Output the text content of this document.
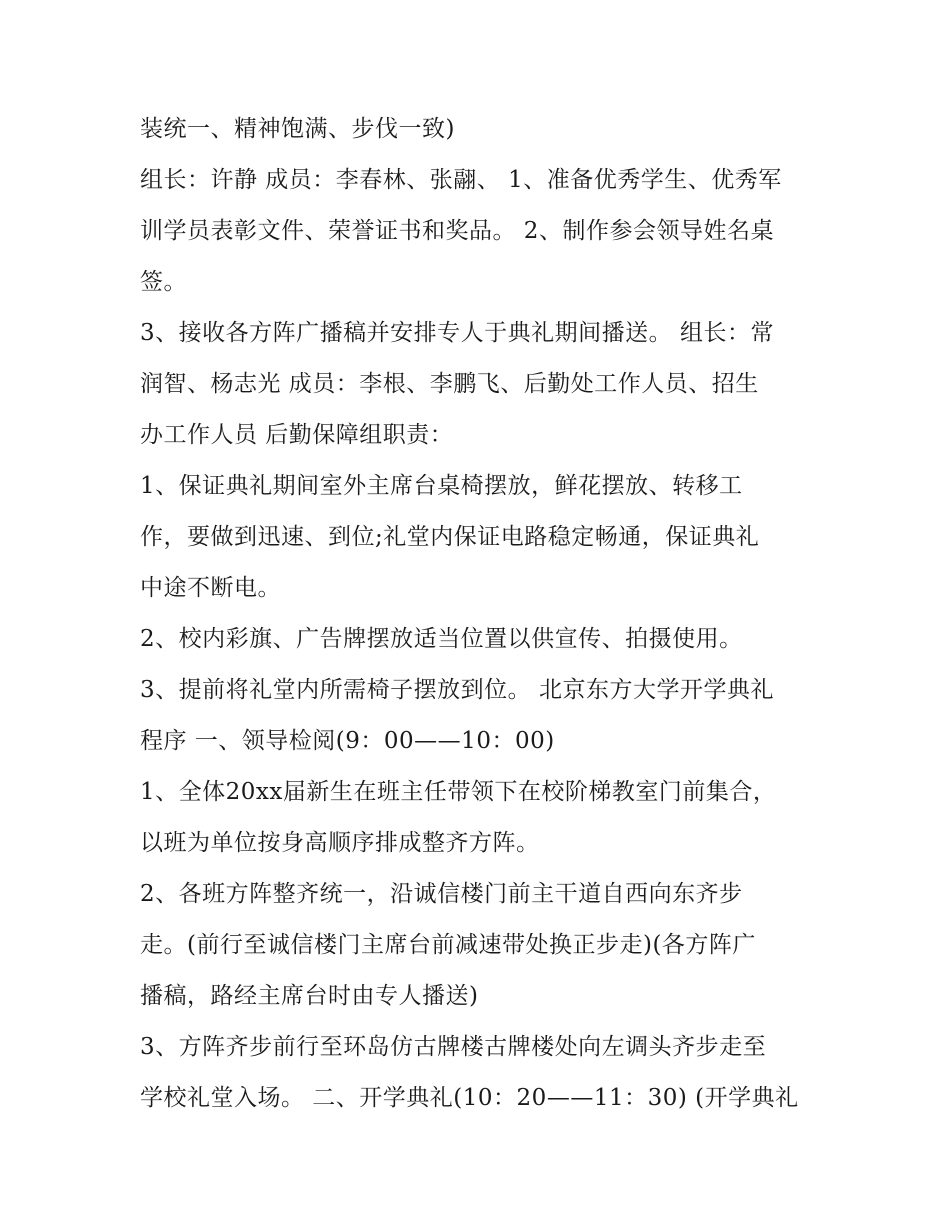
装统一、精神饱满、步伐一致)
组长：许静 成员：李春林、张翮、 1、准备优秀学生、优秀军
训学员表彰文件、荣誉证书和奖品。 2、制作参会领导姓名桌
签。
3、接收各方阵广播稿并安排专人于典礼期间播送。 组长：常
润智、杨志光 成员：李根、李鹏飞、后勤处工作人员、招生
办工作人员 后勤保障组职责：
1、保证典礼期间室外主席台桌椅摆放，鲜花摆放、转移工
作，要做到迅速、到位;礼堂内保证电路稳定畅通，保证典礼
中途不断电。
2、校内彩旗、广告牌摆放适当位置以供宣传、拍摄使用。
3、提前将礼堂内所需椅子摆放到位。 北京东方大学开学典礼
程序 一、领导检阅(9：00——10：00)
1、全体20xx届新生在班主任带领下在校阶梯教室门前集合，
以班为单位按身高顺序排成整齐方阵。
2、各班方阵整齐统一，沿诚信楼门前主干道自西向东齐步
走。(前行至诚信楼门主席台前减速带处换正步走)(各方阵广
播稿，路经主席台时由专人播送)
3、方阵齐步前行至环岛仿古牌楼古牌楼处向左调头齐步走至
学校礼堂入场。 二、开学典礼(10：20——11：30) (开学典礼
